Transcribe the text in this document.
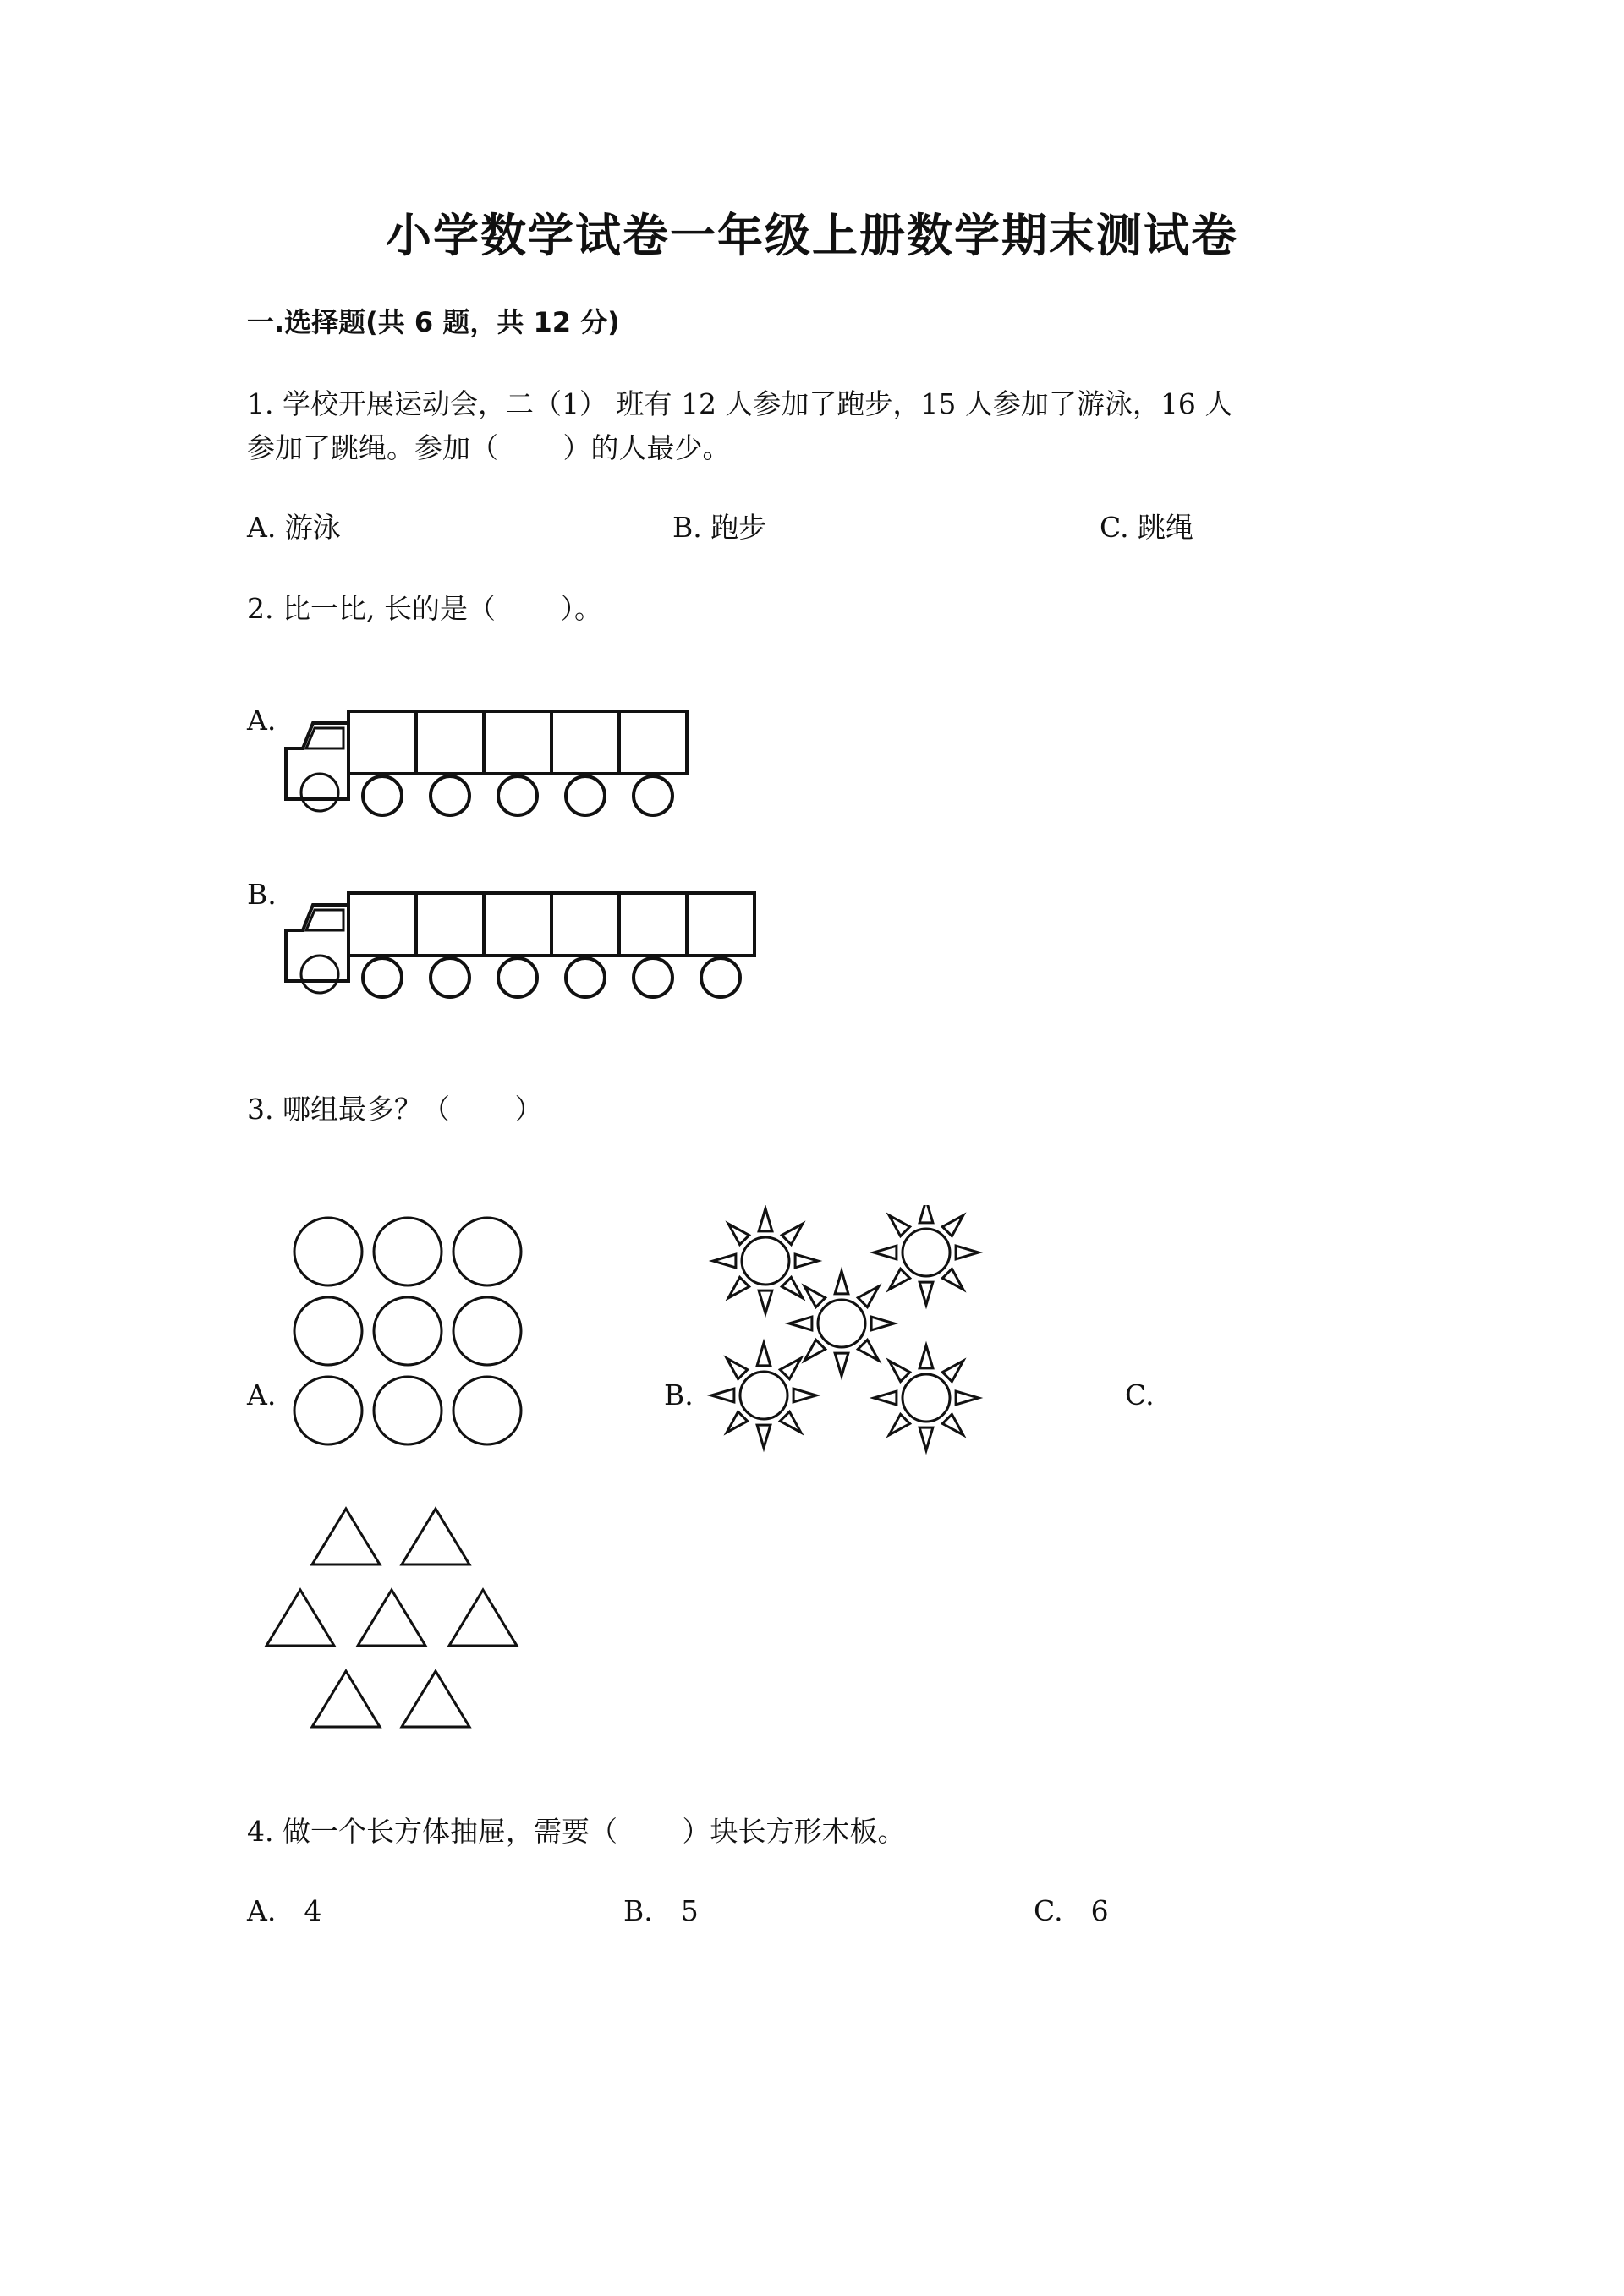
小学数学试卷一年级上册数学期末测试卷
一.选择题(共 6 题，共 12 分)
1. 学校开展运动会，二（1） 班有 12 人参加了跑步，15 人参加了游泳，16 人
参加了跳绳。参加（　　 ）的人最少。
A. 游泳	B. 跑步	C. 跳绳
2. 比一比, 长的是（　　 ）。
A.
B.
3. 哪组最多？（　　 ）
A.	B.	C.
4. 做一个长方体抽屉，需要（　　 ）块长方形木板。
A.　4	B.　5	C.　6
